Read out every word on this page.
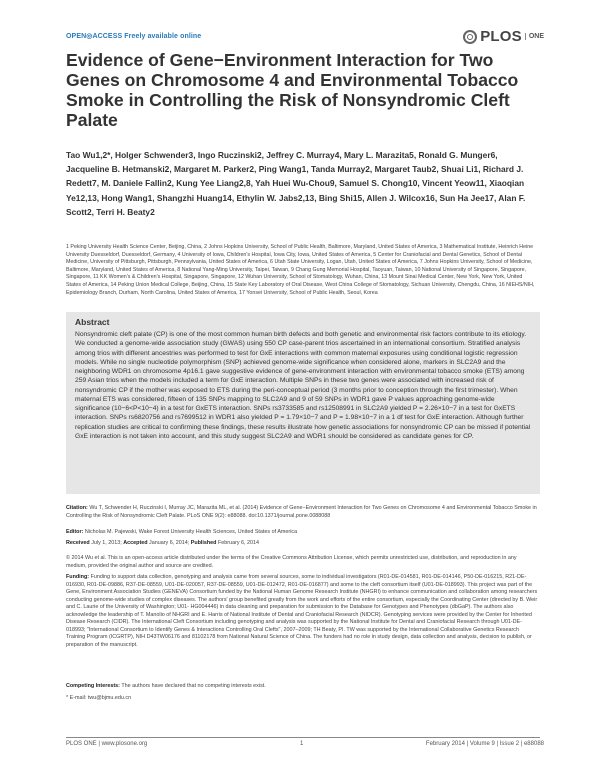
OPEN◎ACCESS Freely available online	PLOS	ONE
Evidence of Gene−Environment Interaction for Two Genes on Chromosome 4 and Environmental Tobacco Smoke in Controlling the Risk of Nonsyndromic Cleft Palate

Tao Wu1,2*, Holger Schwender3, Ingo Ruczinski2, Jeffrey C. Murray4, Mary L. Marazita5, Ronald G. Munger6, Jacqueline B. Hetmanski2, Margaret M. Parker2, Ping Wang1, Tanda Murray2, Margaret Taub2, Shuai Li1, Richard J. Redett7, M. Daniele Fallin2, Kung Yee Liang2,8, Yah Huei Wu-Chou9, Samuel S. Chong10, Vincent Yeow11, Xiaoqian Ye12,13, Hong Wang1, Shangzhi Huang14, Ethylin W. Jabs2,13, Bing Shi15, Allen J. Wilcox16, Sun Ha Jee17, Alan F. Scott2, Terri H. Beaty2

1 Peking University Health Science Center, Beijing, China, 2 Johns Hopkins University, School of Public Health, Baltimore, Maryland, United States of America, 3 Mathematical Institute, Heinrich Heine University Duesseldorf, Duesseldorf, Germany, 4 University of Iowa, Children's Hospital, Iowa City, Iowa, United States of America, 5 Center for Craniofacial and Dental Genetics, School of Dental Medicine, University of Pittsburgh, Pittsburgh, Pennsylvania, United States of America, 6 Utah State University, Logan, Utah, United States of America, 7 Johns Hopkins University, School of Medicine, Baltimore, Maryland, United States of America, 8 National Yang-Ming University, Taipei, Taiwan, 9 Chang Gung Memorial Hospital, Taoyuan, Taiwan, 10 National University of Singapore, Singapore, Singapore, 11 KK Women's & Children's Hospital, Singapore, Singapore, 12 Wuhan University, School of Stomatology, Wuhan, China, 13 Mount Sinai Medical Center, New York, New York, United States of America, 14 Peking Union Medical College, Beijing, China, 15 State Key Laboratory of Oral Disease, West China College of Stomatology, Sichuan University, Chengdu, China, 16 NIEHS/NIH, Epidemiology Branch, Durham, North Carolina, United States of America, 17 Yonsei University, School of Public Health, Seoul, Korea

Abstract

Nonsyndromic cleft palate (CP) is one of the most common human birth defects and both genetic and environmental risk factors contribute to its etiology. We conducted a genome-wide association study (GWAS) using 550 CP case-parent trios ascertained in an international consortium. Stratified analysis among trios with different ancestries was performed to test for GxE interactions with common maternal exposures using conditional logistic regression models. While no single nucleotide polymorphism (SNP) achieved genome-wide significance when considered alone, markers in SLC2A9 and the neighboring WDR1 on chromosome 4p16.1 gave suggestive evidence of gene-environment interaction with environmental tobacco smoke (ETS) among 259 Asian trios when the models included a term for GxE interaction. Multiple SNPs in these two genes were associated with increased risk of nonsyndromic CP if the mother was exposed to ETS during the peri-conceptual period (3 months prior to conception through the first trimester). When maternal ETS was considered, fifteen of 135 SNPs mapping to SLC2A9 and 9 of 59 SNPs in WDR1 gave P values approaching genome-wide significance (10−6<P<10−4) in a test for GxETS interaction. SNPs rs3733585 and rs12508991 in SLC2A9 yielded P = 2.26×10−7 in a test for GxETS interaction. SNPs rs6820756 and rs7699512 in WDR1 also yielded P = 1.79×10−7 and P = 1.98×10−7 in a 1 df test for GxE interaction. Although further replication studies are critical to confirming these findings, these results illustrate how genetic associations for nonsyndromic CP can be missed if potential GxE interaction is not taken into account, and this study suggest SLC2A9 and WDR1 should be considered as candidate genes for CP.

Citation: Wu T, Schwender H, Ruczinski I, Murray JC, Marazita ML, et al. (2014) Evidence of Gene−Environment Interaction for Two Genes on Chromosome 4 and Environmental Tobacco Smoke in Controlling the Risk of Nonsyndromic Cleft Palate. PLoS ONE 9(2): e88088. doi:10.1371/journal.pone.0088088

Editor: Nicholas M. Pajewski, Wake Forest University Health Sciences, United States of America

Received July 1, 2013; Accepted January 6, 2014; Published February 6, 2014

© 2014 Wu et al. This is an open-access article distributed under the terms of the Creative Commons Attribution License, which permits unrestricted use, distribution, and reproduction in any medium, provided the original author and source are credited.

Funding: Funding to support data collection, genotyping and analysis came from several sources, some to individual investigators (R01-DE-014581, R01-DE-014146, P50-DE-016215, R21-DE-016930, R01-DE-09886, R37-DE-08559, U01-DE-020057, R37-DE-08559, U01-DE-012472, R01-DE-016877) and some to the cleft consortium itself (U01-DE-018993). This project was part of the Gene, Environment Association Studies (GENEVA) Consortium funded by the National Human Genome Research Institute (NHGRI) to enhance communication and collaboration among researchers conducting genome-wide studies of complex diseases. The authors' group benefited greatly from the work and efforts of the entire consortium, especially the Coordinating Center (directed by B. Weir and C. Laurie of the University of Washington; U01- HG004446) in data cleaning and preparation for submission to the Database for Genotypes and Phenotypes (dbGaP). The authors also acknowledge the leadership of T. Manolio of NHGRI and E. Harris of National Institute of Dental and Craniofacial Research (NIDCR). Genotyping services were provided by the Center for Inherited Disease Research (CIDR). The International Cleft Consortium including genotyping and analysis was supported by the National Institute for Dental and Craniofacial Research through U01-DE-018993; "International Consortium to Identify Genes & Interactions Controlling Oral Clefts", 2007–2009; TH Beaty, PI. TW was supported by the International Collaborative Genetics Research Training Program (ICGRTP), NIH D43TW06176 and 81102178 from National Natural Science of China. The funders had no role in study design, data collection and analysis, decision to publish, or preparation of the manuscript.

Competing Interests: The authors have declared that no competing interests exist.

* E-mail: twu@bjmu.edu.cn

PLOS ONE | www.plosone.org	1	February 2014 | Volume 9 | Issue 2 | e88088
